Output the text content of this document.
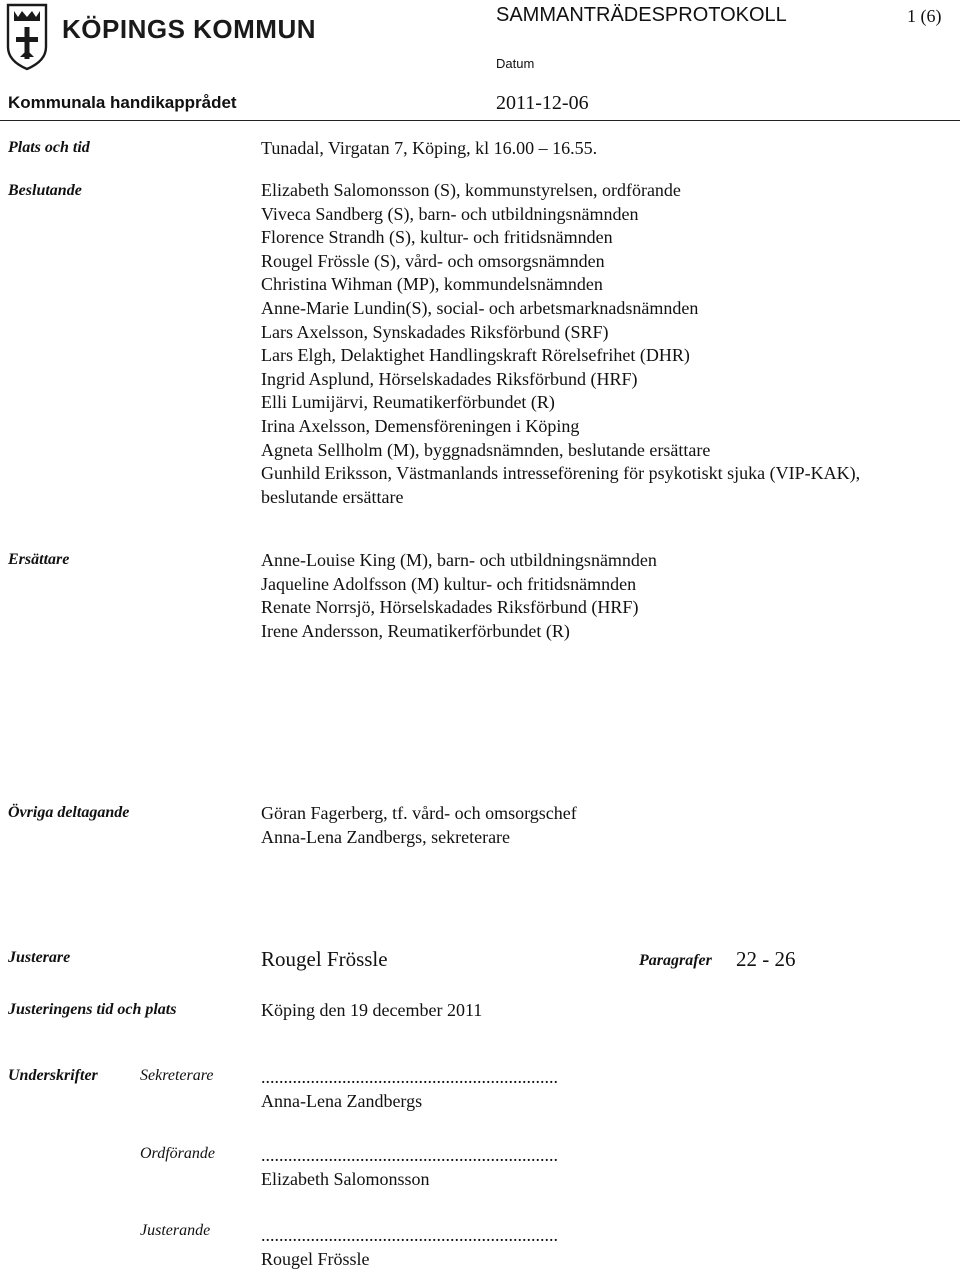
KÖPINGS KOMMUN	SAMMANTRÄDESPROTOKOLL	1 (6)
Datum
Kommunala handikapprådet	2011-12-06
Plats och tid	Tunadal, Virgatan 7, Köping, kl 16.00 – 16.55.
Beslutande	Elizabeth Salomonsson (S), kommunstyrelsen, ordförande
Viveca Sandberg (S), barn- och utbildningsnämnden
Florence Strandh (S), kultur- och fritidsnämnden
Rougel Frössle (S), vård- och omsorgsnämnden
Christina Wihman (MP), kommundelsnämnden
Anne-Marie Lundin(S), social- och arbetsmarknadsnämnden
Lars Axelsson, Synskadades Riksförbund (SRF)
Lars Elgh, Delaktighet Handlingskraft Rörelsefrihet (DHR)
Ingrid Asplund, Hörselskadades Riksförbund (HRF)
Elli Lumijärvi, Reumatikerförbundet (R)
Irina Axelsson, Demensföreningen i Köping
Agneta Sellholm (M), byggnadsnämnden, beslutande ersättare
Gunhild Eriksson, Västmanlands intresseförening för psykotiskt sjuka (VIP-KAK),
beslutande ersättare
Ersättare	Anne-Louise King (M), barn- och utbildningsnämnden
Jaqueline Adolfsson (M) kultur- och fritidsnämnden
Renate Norrsjö, Hörselskadades Riksförbund (HRF)
Irene Andersson, Reumatikerförbundet (R)
Övriga deltagande	Göran Fagerberg, tf. vård- och omsorgschef
Anna-Lena Zandbergs, sekreterare
Justerare	Rougel Frössle	Paragrafer 22 - 26
Justeringens tid och plats	Köping den 19 december 2011
Underskrifter	Sekreterare	..................................................................
Anna-Lena Zandbergs
Ordförande	..................................................................
Elizabeth Salomonsson
Justerande	..................................................................
Rougel Frössle
